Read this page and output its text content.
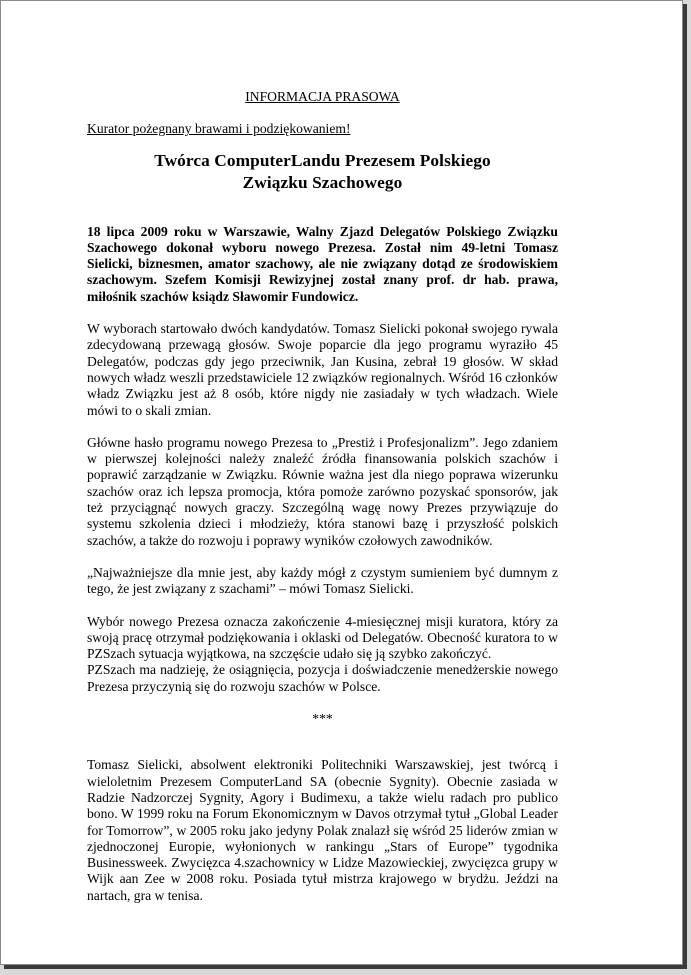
INFORMACJA PRASOWA
Kurator pożegnany brawami i podziękowaniem!
Twórca ComputerLandu Prezesem Polskiego Związku Szachowego

18 lipca 2009 roku w Warszawie, Walny Zjazd Delegatów Polskiego Związku Szachowego dokonał wyboru nowego Prezesa. Został nim 49-letni Tomasz Sielicki, biznesmen, amator szachowy, ale nie związany dotąd ze środowiskiem szachowym. Szefem Komisji Rewizyjnej został znany prof. dr hab. prawa, miłośnik szachów ksiądz Sławomir Fundowicz.

W wyborach startowało dwóch kandydatów. Tomasz Sielicki pokonał swojego rywala zdecydowaną przewagą głosów. Swoje poparcie dla jego programu wyraziło 45 Delegatów, podczas gdy jego przeciwnik, Jan Kusina, zebrał 19 głosów. W skład nowych władz weszli przedstawiciele 12 związków regionalnych. Wśród 16 członków władz Związku jest aż 8 osób, które nigdy nie zasiadały w tych władzach. Wiele mówi to o skali zmian.

Główne hasło programu nowego Prezesa to „Prestiż i Profesjonalizm”. Jego zdaniem w pierwszej kolejności należy znaleźć źródła finansowania polskich szachów i poprawić zarządzanie w Związku. Równie ważna jest dla niego poprawa wizerunku szachów oraz ich lepsza promocja, która pomoże zarówno pozyskać sponsorów, jak też przyciągnąć nowych graczy. Szczególną wagę nowy Prezes przywiązuje do systemu szkolenia dzieci i młodzieży, która stanowi bazę i przyszłość polskich szachów, a także do rozwoju i poprawy wyników czołowych zawodników.

„Najważniejsze dla mnie jest, aby każdy mógł z czystym sumieniem być dumnym z tego, że jest związany z szachami” – mówi Tomasz Sielicki.

Wybór nowego Prezesa oznacza zakończenie 4-miesięcznej misji kuratora, który za swoją pracę otrzymał podziękowania i oklaski od Delegatów. Obecność kuratora to w PZSzach sytuacja wyjątkowa, na szczęście udało się ją szybko zakończyć.

PZSzach ma nadzieję, że osiągnięcia, pozycja i doświadczenie menedżerskie nowego Prezesa przyczynią się do rozwoju szachów w Polsce.

***

Tomasz Sielicki, absolwent elektroniki Politechniki Warszawskiej, jest twórcą i wieloletnim Prezesem ComputerLand SA (obecnie Sygnity). Obecnie zasiada w Radzie Nadzorczej Sygnity, Agory i Budimexu, a także wielu radach pro publico bono. W 1999 roku na Forum Ekonomicznym w Davos otrzymał tytuł „Global Leader for Tomorrow”, w 2005 roku jako jedyny Polak znalazł się wśród 25 liderów zmian w zjednoczonej Europie, wyłonionych w rankingu „Stars of Europe” tygodnika Businessweek. Zwycięzca 4.szachownicy w Lidze Mazowieckiej, zwycięzca grupy w Wijk aan Zee w 2008 roku. Posiada tytuł mistrza krajowego w brydżu. Jeździ na nartach, gra w tenisa.
